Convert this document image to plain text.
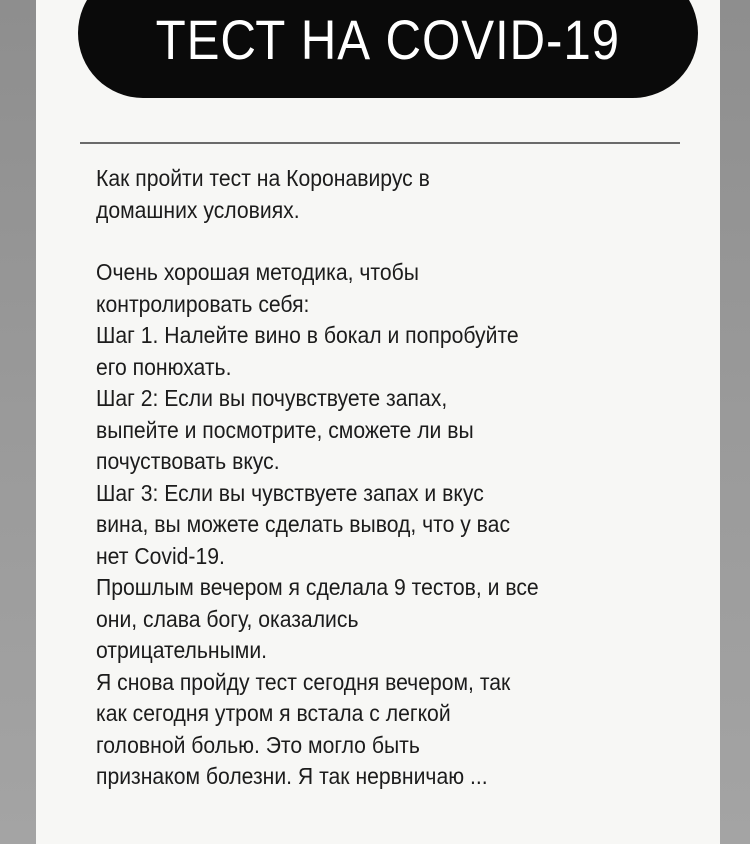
ТЕСТ НА COVID-19
Как пройти тест на Коронавирус в
домашних условиях.
Очень хорошая методика, чтобы
контролировать себя:
Шаг 1. Налейте вино в бокал и попробуйте
его понюхать.
Шаг 2: Если вы почувствуете запах,
выпейте и посмотрите, сможете ли вы
почуствовать вкус.
Шаг 3: Если вы чувствуете запах и вкус
вина, вы можете сделать вывод, что у вас
нет Covid-19.
Прошлым вечером я сделала 9 тестов, и все
они, слава богу, оказались
отрицательными.
Я снова пройду тест сегодня вечером, так
как сегодня утром я встала с легкой
головной болью. Это могло быть
признаком болезни. Я так нервничаю ...
